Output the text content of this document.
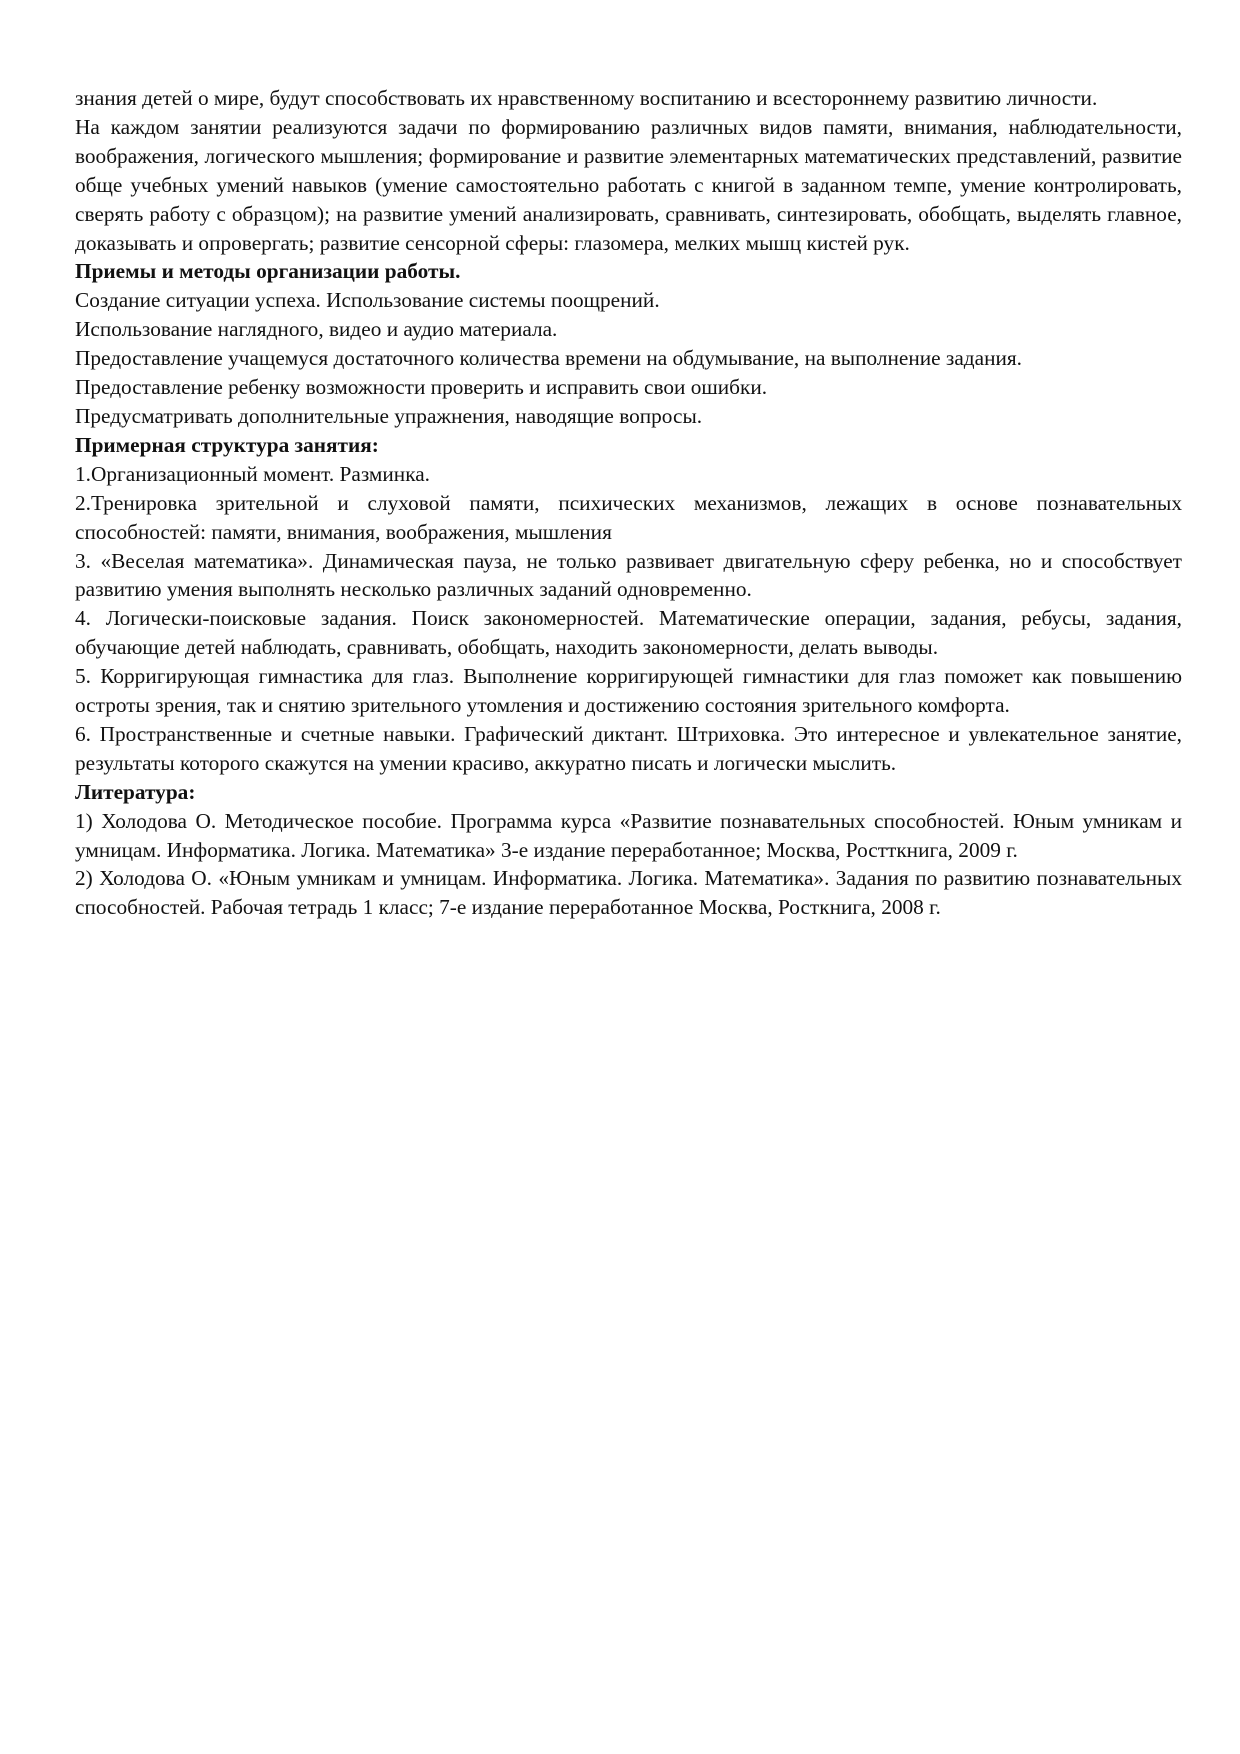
знания детей о мире, будут способствовать их нравственному воспитанию и всестороннему развитию личности.

На каждом занятии реализуются задачи по формированию различных видов памяти, внимания, наблюдательности, воображения, логического мышления; формирование и развитие элементарных математических представлений, развитие обще учебных умений навыков (умение самостоятельно работать с книгой в заданном темпе, умение контролировать, сверять работу с образцом); на развитие умений анализировать, сравнивать, синтезировать, обобщать, выделять главное, доказывать и опровергать; развитие сенсорной сферы: глазомера, мелких мышц кистей рук.

Приемы и методы организации работы.

Создание ситуации успеха. Использование системы поощрений.

Использование наглядного, видео и аудио материала.

Предоставление учащемуся достаточного количества времени на обдумывание, на выполнение задания.

Предоставление ребенку возможности проверить и исправить свои ошибки.

Предусматривать дополнительные упражнения, наводящие вопросы.

Примерная структура занятия:

1.Организационный момент. Разминка.

2.Тренировка зрительной и слуховой памяти, психических механизмов, лежащих в основе познавательных способностей: памяти, внимания, воображения, мышления

3. «Веселая математика». Динамическая пауза, не только развивает двигательную сферу ребенка, но и способствует развитию умения выполнять несколько различных заданий одновременно.

4. Логически-поисковые задания. Поиск закономерностей. Математические операции, задания, ребусы, задания, обучающие детей наблюдать, сравнивать, обобщать, находить закономерности, делать выводы.

5. Корригирующая гимнастика для глаз. Выполнение корригирующей гимнастики для глаз поможет как повышению остроты зрения, так и снятию зрительного утомления и достижению состояния зрительного комфорта.

6. Пространственные и счетные навыки. Графический диктант. Штриховка. Это интересное и увлекательное занятие, результаты которого скажутся на умении красиво, аккуратно писать и логически мыслить.

Литература:

1) Холодова О. Методическое пособие. Программа курса «Развитие познавательных способностей. Юным умникам и умницам. Информатика. Логика. Математика» 3-е издание переработанное; Москва, Ростткнига, 2009 г.

2) Холодова О. «Юным умникам и умницам. Информатика. Логика. Математика». Задания по развитию познавательных способностей. Рабочая тетрадь 1 класс; 7-е издание переработанное Москва, Росткнига, 2008 г.
